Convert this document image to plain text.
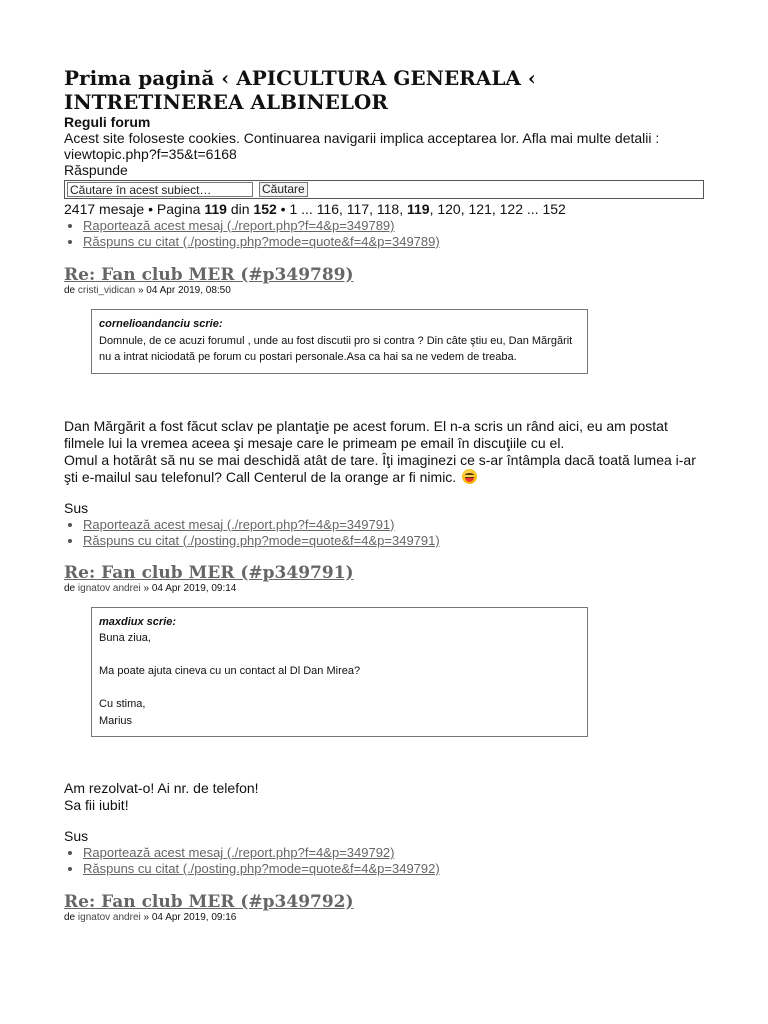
Prima pagină ‹ APICULTURA GENERALA ‹ INTRETINEREA ALBINELOR
Reguli forum
Acest site foloseste cookies. Continuarea navigarii implica acceptarea lor. Afla mai multe detalii : viewtopic.php?f=35&t=6168
Răspunde
Căutare în acest subiect…
Căutare
2417 mesaje • Pagina 119 din 152 • 1 ... 116, 117, 118, 119, 120, 121, 122 ... 152
• Raportează acest mesaj (./report.php?f=4&p=349789)
• Răspuns cu citat (./posting.php?mode=quote&f=4&p=349789)
Re: Fan club MER (#p349789)
de cristi_vidican » 04 Apr 2019, 08:50
cornelioandanciu scrie:
Domnule, de ce acuzi forumul , unde au fost discutii pro si contra ? Din câte ştiu eu, Dan Mărgărit nu a intrat niciodată pe forum cu postari personale.Asa ca hai sa ne vedem de treaba.
Dan Mărgărit a fost făcut sclav pe plantaţie pe acest forum. El n-a scris un rând aici, eu am postat filmele lui la vremea aceea şi mesaje care le primeam pe email în discuţiile cu el.
Omul a hotărât să nu se mai deschidă atât de tare. Îţi imaginezi ce s-ar întâmpla dacă toată lumea i-ar şti e-mailul sau telefonul? Call Centerul de la orange ar fi nimic.
Sus
• Raportează acest mesaj (./report.php?f=4&p=349791)
• Răspuns cu citat (./posting.php?mode=quote&f=4&p=349791)
Re: Fan club MER (#p349791)
de ignatov andrei » 04 Apr 2019, 09:14
maxdiux scrie:
Buna ziua,
Ma poate ajuta cineva cu un contact al Dl Dan Mirea?
Cu stima,
Marius
Am rezolvat-o! Ai nr. de telefon!
Sa fii iubit!
Sus
• Raportează acest mesaj (./report.php?f=4&p=349792)
• Răspuns cu citat (./posting.php?mode=quote&f=4&p=349792)
Re: Fan club MER (#p349792)
de ignatov andrei » 04 Apr 2019, 09:16
